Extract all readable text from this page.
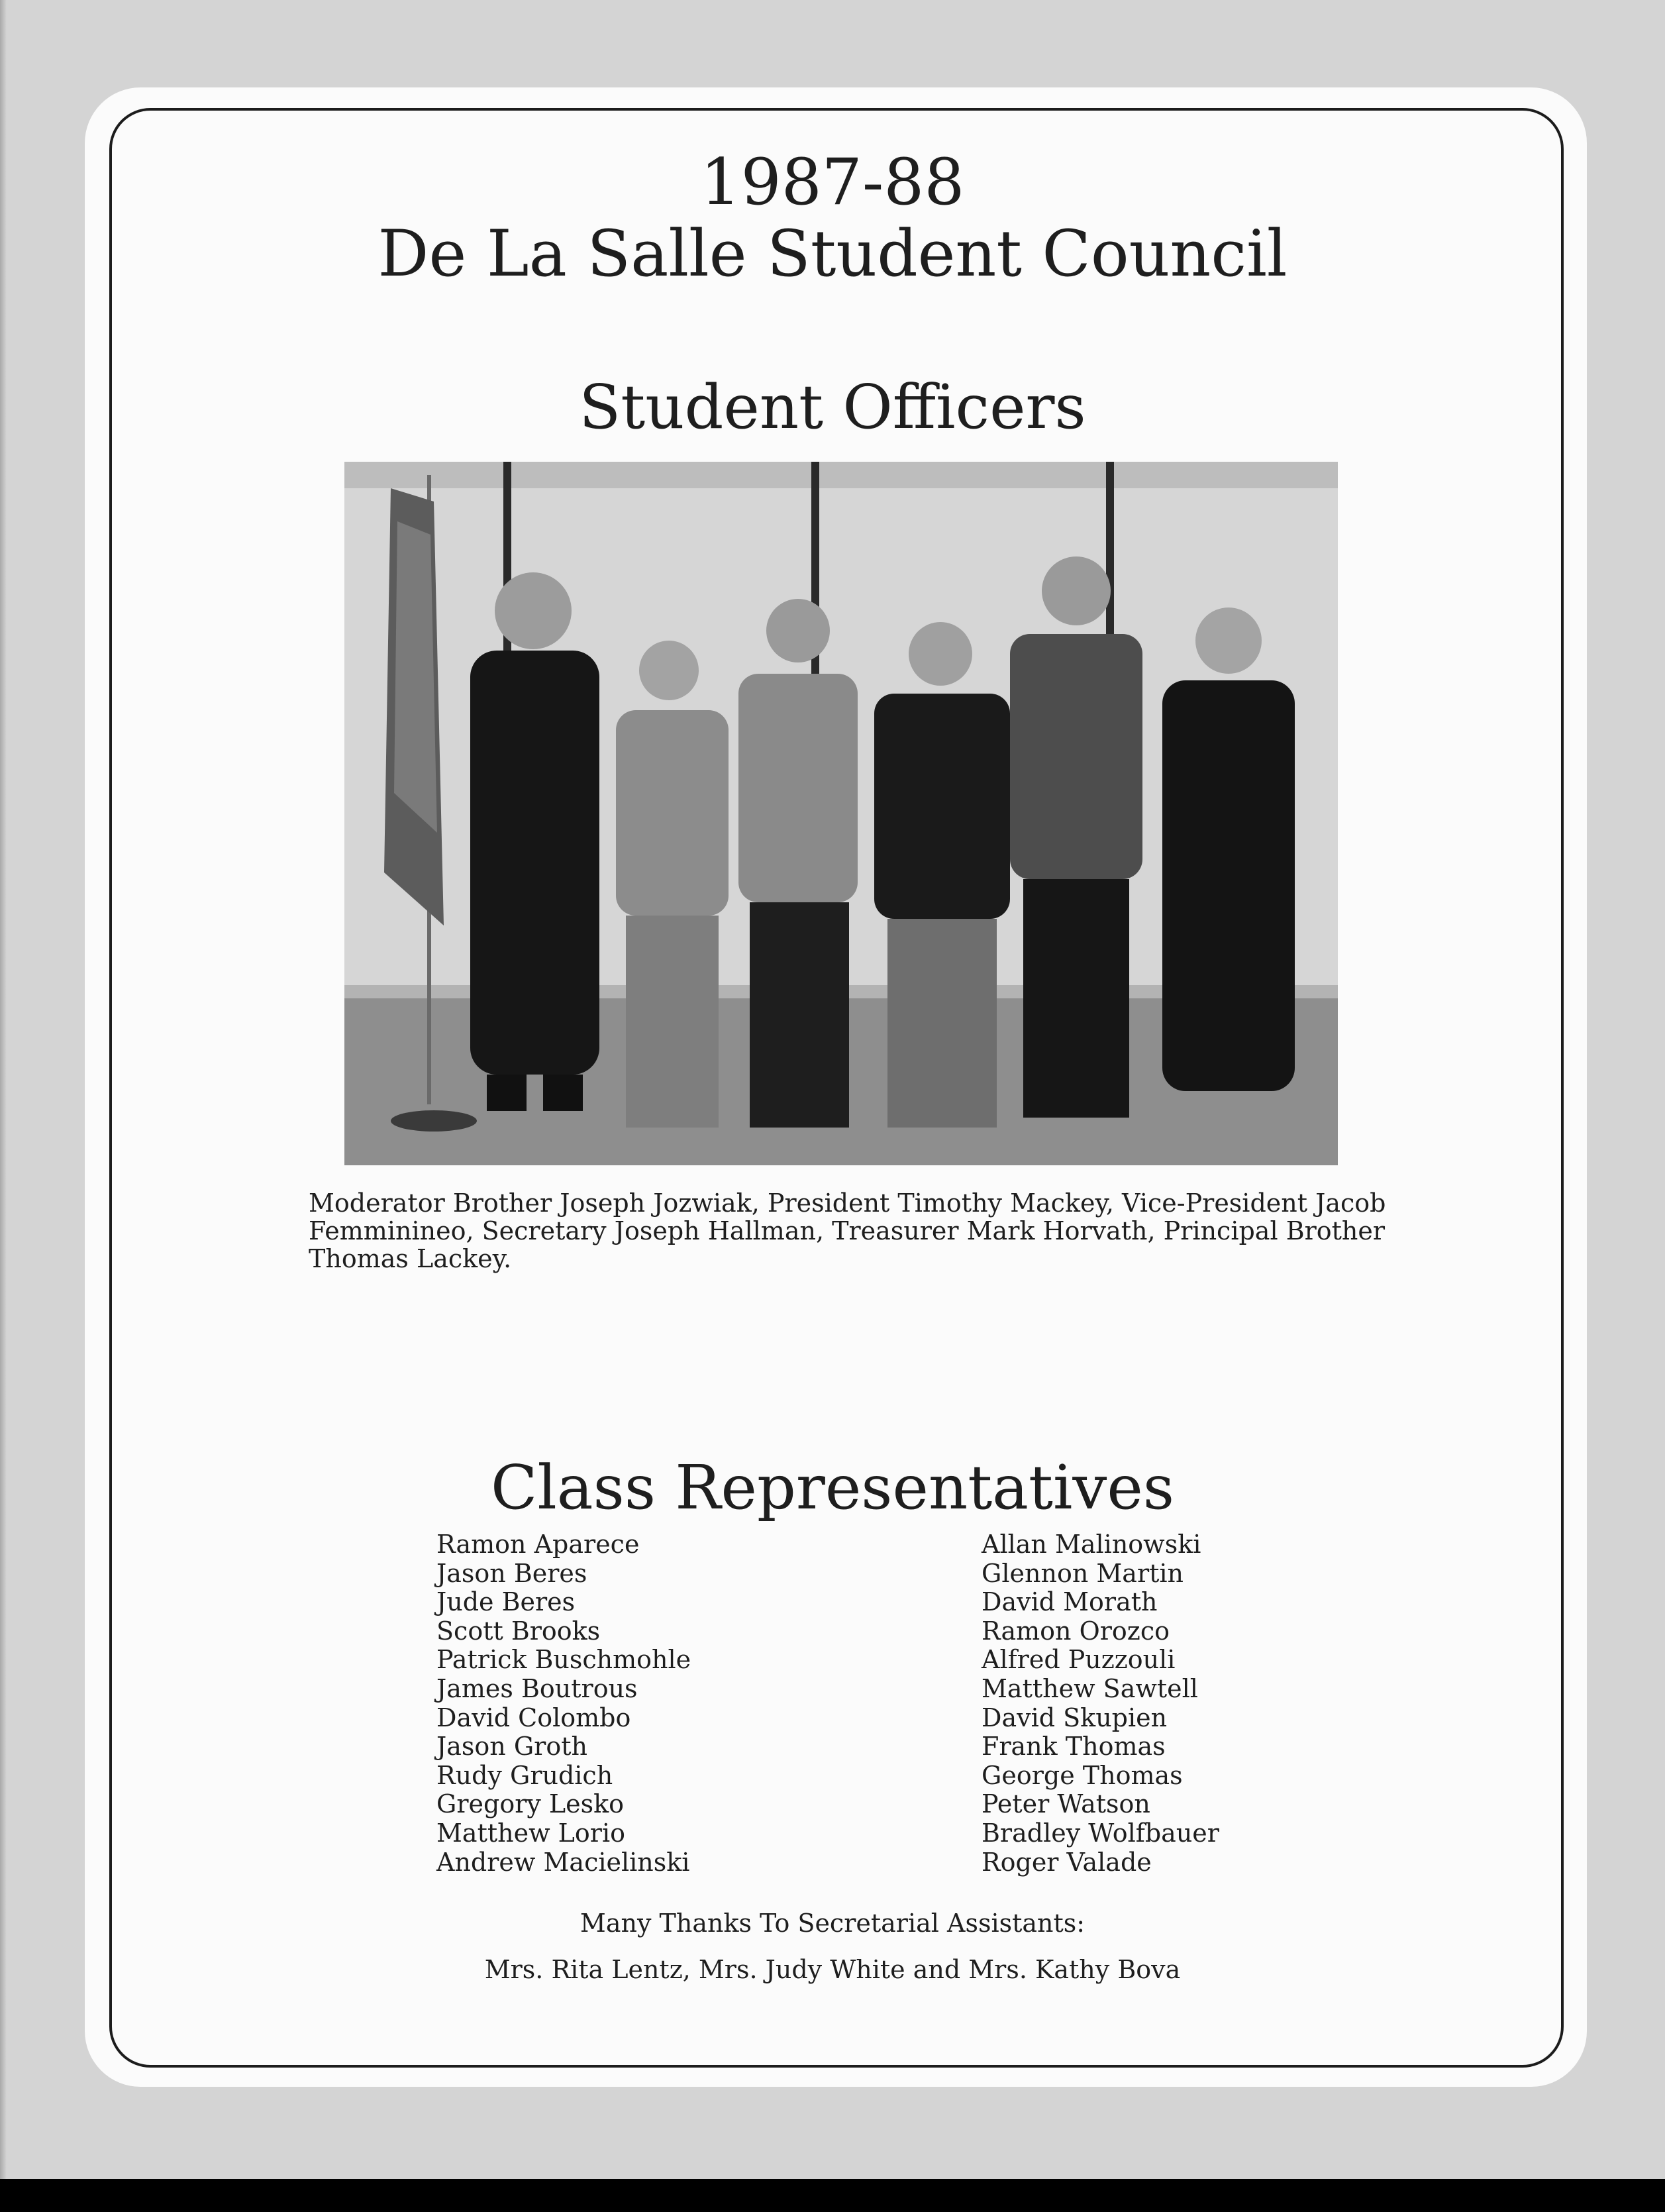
1987-88
De La Salle Student Council
Student Officers
Moderator Brother Joseph Jozwiak, President Timothy Mackey, Vice-President Jacob
Femminineo, Secretary Joseph Hallman, Treasurer Mark Horvath, Principal Brother
Thomas Lackey.
Class Representatives
Ramon Aparece
Jason Beres
Jude Beres
Scott Brooks
Patrick Buschmohle
James Boutrous
David Colombo
Jason Groth
Rudy Grudich
Gregory Lesko
Matthew Lorio
Andrew Macielinski
Allan Malinowski
Glennon Martin
David Morath
Ramon Orozco
Alfred Puzzouli
Matthew Sawtell
David Skupien
Frank Thomas
George Thomas
Peter Watson
Bradley Wolfbauer
Roger Valade

Many Thanks To Secretarial Assistants:

Mrs. Rita Lentz, Mrs. Judy White and Mrs. Kathy Bova
